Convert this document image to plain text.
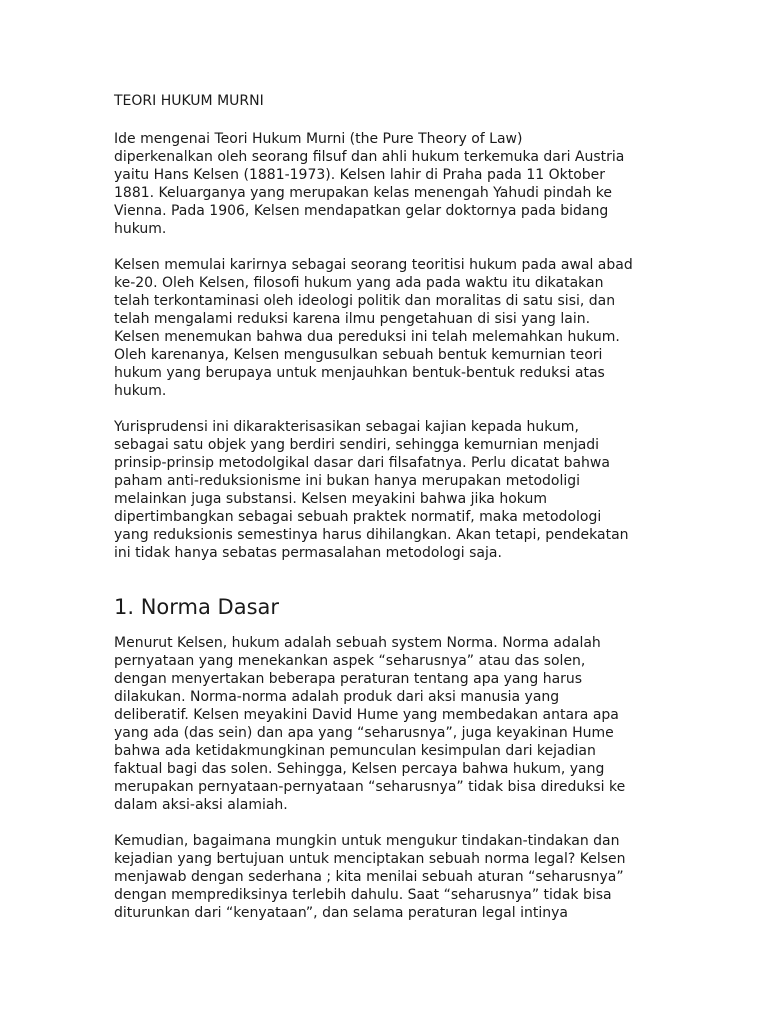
TEORI HUKUM MURNI

Ide mengenai Teori Hukum Murni (the Pure Theory of Law)
diperkenalkan oleh seorang filsuf dan ahli hukum terkemuka dari Austria
yaitu Hans Kelsen (1881-1973). Kelsen lahir di Praha pada 11 Oktober
1881. Keluarganya yang merupakan kelas menengah Yahudi pindah ke
Vienna. Pada 1906, Kelsen mendapatkan gelar doktornya pada bidang
hukum.

Kelsen memulai karirnya sebagai seorang teoritisi hukum pada awal abad
ke-20. Oleh Kelsen, filosofi hukum yang ada pada waktu itu dikatakan
telah terkontaminasi oleh ideologi politik dan moralitas di satu sisi, dan
telah mengalami reduksi karena ilmu pengetahuan di sisi yang lain.
Kelsen menemukan bahwa dua pereduksi ini telah melemahkan hukum.
Oleh karenanya, Kelsen mengusulkan sebuah bentuk kemurnian teori
hukum yang berupaya untuk menjauhkan bentuk-bentuk reduksi atas
hukum.

Yurisprudensi ini dikarakterisasikan sebagai kajian kepada hukum,
sebagai satu objek yang berdiri sendiri, sehingga kemurnian menjadi
prinsip-prinsip metodolgikal dasar dari filsafatnya. Perlu dicatat bahwa
paham anti-reduksionisme ini bukan hanya merupakan metodoligi
melainkan juga substansi. Kelsen meyakini bahwa jika hokum
dipertimbangkan sebagai sebuah praktek normatif, maka metodologi
yang reduksionis semestinya harus dihilangkan. Akan tetapi, pendekatan
ini tidak hanya sebatas permasalahan metodologi saja.

1. Norma Dasar

Menurut Kelsen, hukum adalah sebuah system Norma. Norma adalah
pernyataan yang menekankan aspek “seharusnya” atau das solen,
dengan menyertakan beberapa peraturan tentang apa yang harus
dilakukan. Norma-norma adalah produk dari aksi manusia yang
deliberatif. Kelsen meyakini David Hume yang membedakan antara apa
yang ada (das sein) dan apa yang “seharusnya”, juga keyakinan Hume
bahwa ada ketidakmungkinan pemunculan kesimpulan dari kejadian
faktual bagi das solen. Sehingga, Kelsen percaya bahwa hukum, yang
merupakan pernyataan-pernyataan “seharusnya” tidak bisa direduksi ke
dalam aksi-aksi alamiah.

Kemudian, bagaimana mungkin untuk mengukur tindakan-tindakan dan
kejadian yang bertujuan untuk menciptakan sebuah norma legal? Kelsen
menjawab dengan sederhana ; kita menilai sebuah aturan “seharusnya”
dengan memprediksinya terlebih dahulu. Saat “seharusnya” tidak bisa
diturunkan dari “kenyataan”, dan selama peraturan legal intinya
